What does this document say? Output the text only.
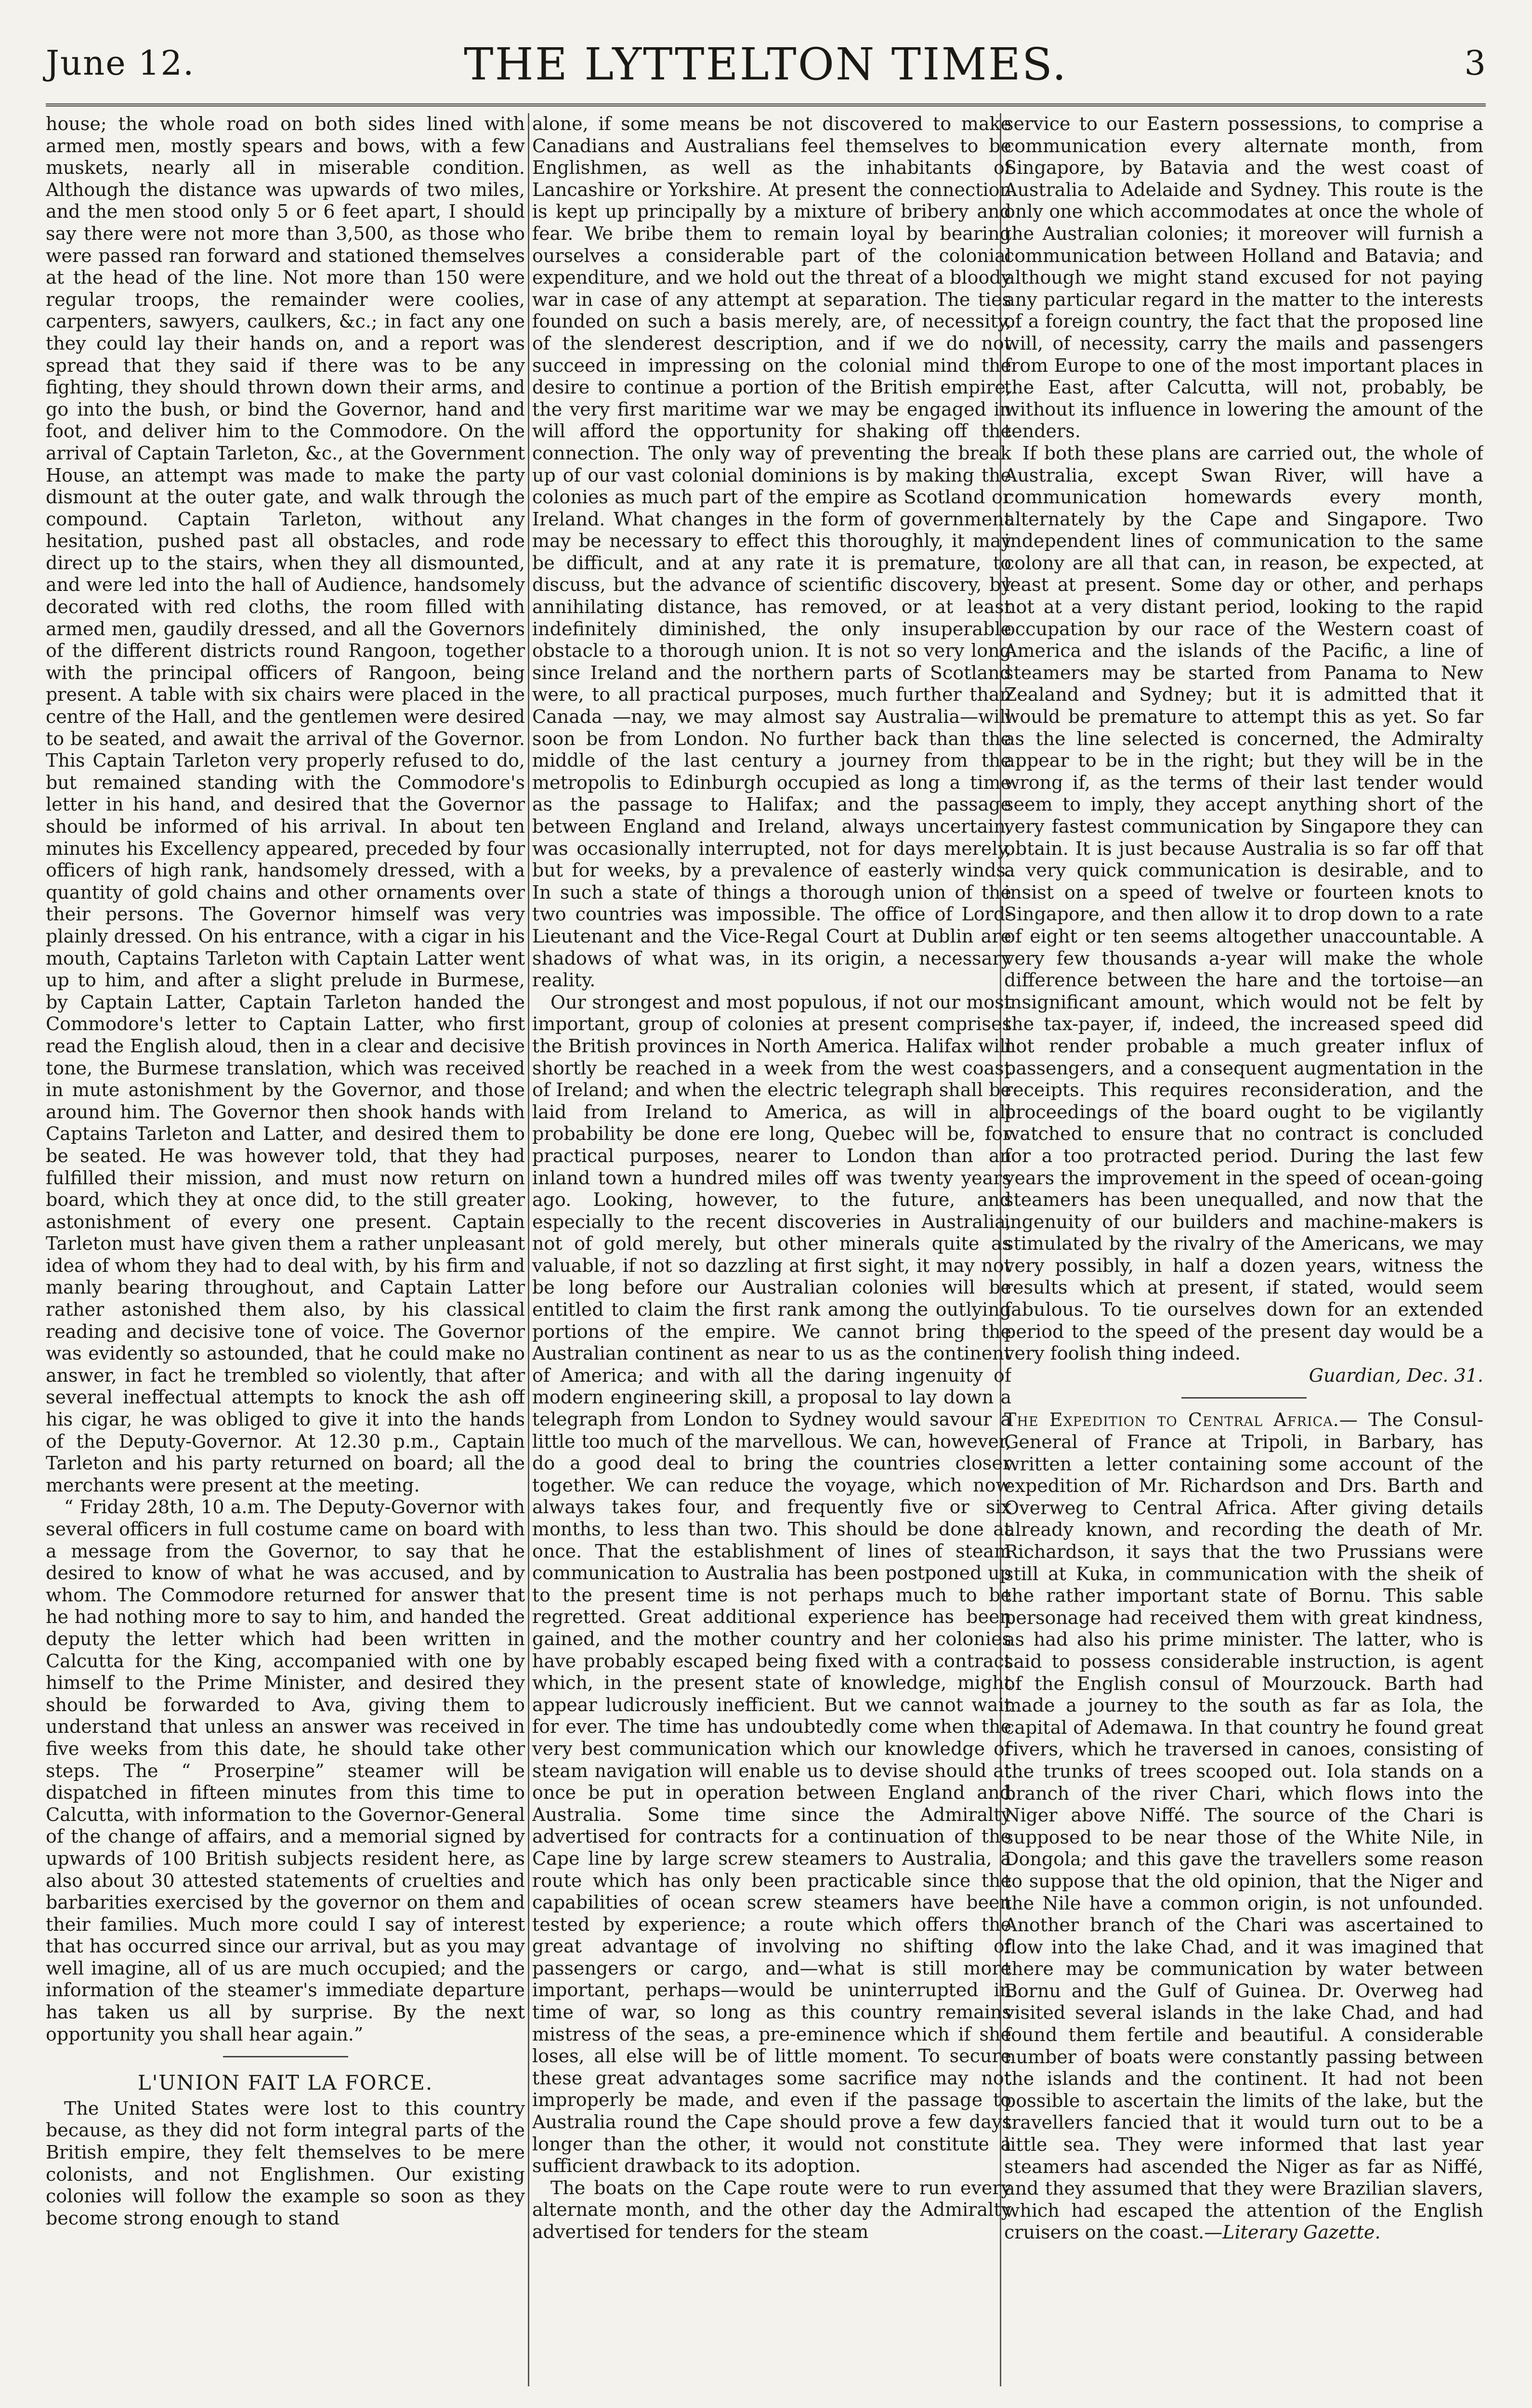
June 12.	THE LYTTELTON TIMES.	3

house; the whole road on both sides lined with armed men, mostly spears and bows, with a few muskets, nearly all in miserable condition. Although the distance was upwards of two miles, and the men stood only 5 or 6 feet apart, I should say there were not more than 3,500, as those who were passed ran forward and stationed themselves at the head of the line. Not more than 150 were regular troops, the remainder were coolies, carpenters, sawyers, caulkers, &c.; in fact any one they could lay their hands on, and a report was spread that they said if there was to be any fighting, they should thrown down their arms, and go into the bush, or bind the Governor, hand and foot, and deliver him to the Commodore. On the arrival of Captain Tarleton, &c., at the Government House, an attempt was made to make the party dismount at the outer gate, and walk through the compound. Captain Tarleton, without any hesitation, pushed past all obstacles, and rode direct up to the stairs, when they all dismounted, and were led into the hall of Audience, handsomely decorated with red cloths, the room filled with armed men, gaudily dressed, and all the Governors of the different districts round Rangoon, together with the principal officers of Rangoon, being present. A table with six chairs were placed in the centre of the Hall, and the gentlemen were desired to be seated, and await the arrival of the Governor. This Captain Tarleton very properly refused to do, but remained standing with the Commodore's letter in his hand, and desired that the Governor should be informed of his arrival. In about ten minutes his Excellency appeared, preceded by four officers of high rank, handsomely dressed, with a quantity of gold chains and other ornaments over their persons. The Governor himself was very plainly dressed. On his entrance, with a cigar in his mouth, Captains Tarleton with Captain Latter went up to him, and after a slight prelude in Burmese, by Captain Latter, Captain Tarleton handed the Commodore's letter to Captain Latter, who first read the English aloud, then in a clear and decisive tone, the Burmese translation, which was received in mute astonishment by the Governor, and those around him. The Governor then shook hands with Captains Tarleton and Latter, and desired them to be seated. He was however told, that they had fulfilled their mission, and must now return on board, which they at once did, to the still greater astonishment of every one present. Captain Tarleton must have given them a rather unpleasant idea of whom they had to deal with, by his firm and manly bearing throughout, and Captain Latter rather astonished them also, by his classical reading and decisive tone of voice. The Governor was evidently so astounded, that he could make no answer, in fact he trembled so violently, that after several ineffectual attempts to knock the ash off his cigar, he was obliged to give it into the hands of the Deputy-Governor. At 12.30 p.m., Captain Tarleton and his party returned on board; all the merchants were present at the meeting.

“ Friday 28th, 10 a.m. The Deputy-Governor with several officers in full costume came on board with a message from the Governor, to say that he desired to know of what he was accused, and by whom. The Commodore returned for answer that he had nothing more to say to him, and handed the deputy the letter which had been written in Calcutta for the King, accompanied with one by himself to the Prime Minister, and desired they should be forwarded to Ava, giving them to understand that unless an answer was received in five weeks from this date, he should take other steps. The “ Proserpine” steamer will be dispatched in fifteen minutes from this time to Calcutta, with information to the Governor-General of the change of affairs, and a memorial signed by upwards of 100 British subjects resident here, as also about 30 attested statements of cruelties and barbarities exercised by the governor on them and their families. Much more could I say of interest that has occurred since our arrival, but as you may well imagine, all of us are much occupied; and the information of the steamer's immediate departure has taken us all by surprise. By the next opportunity you shall hear again.”

L'UNION FAIT LA FORCE.

The United States were lost to this country because, as they did not form integral parts of the British empire, they felt themselves to be mere colonists, and not Englishmen. Our existing colonies will follow the example so soon as they become strong enough to stand

alone, if some means be not discovered to make Canadians and Australians feel themselves to be Englishmen, as well as the inhabitants of Lancashire or Yorkshire. At present the connection is kept up principally by a mixture of bribery and fear. We bribe them to remain loyal by bearing ourselves a considerable part of the colonial expenditure, and we hold out the threat of a bloody war in case of any attempt at separation. The ties founded on such a basis merely, are, of necessity, of the slenderest description, and if we do not succeed in impressing on the colonial mind the desire to continue a portion of the British empire, the very first maritime war we may be engaged in will afford the opportunity for shaking off the connection. The only way of preventing the break up of our vast colonial dominions is by making the colonies as much part of the empire as Scotland or Ireland. What changes in the form of government may be necessary to effect this thoroughly, it may be difficult, and at any rate it is premature, to discuss, but the advance of scientific discovery, by annihilating distance, has removed, or at least indefinitely diminished, the only insuperable obstacle to a thorough union. It is not so very long since Ireland and the northern parts of Scotland were, to all practical purposes, much further than Canada —nay, we may almost say Australia—will soon be from London. No further back than the middle of the last century a journey from the metropolis to Edinburgh occupied as long a time as the passage to Halifax; and the passage between England and Ireland, always uncertain, was occasionally interrupted, not for days merely, but for weeks, by a prevalence of easterly winds. In such a state of things a thorough union of the two countries was impossible. The office of Lord-Lieutenant and the Vice-Regal Court at Dublin are shadows of what was, in its origin, a necessary reality.

Our strongest and most populous, if not our most important, group of colonies at present comprises the British provinces in North America. Halifax will shortly be reached in a week from the west coast of Ireland; and when the electric telegraph shall be laid from Ireland to America, as will in all probability be done ere long, Quebec will be, for practical purposes, nearer to London than an inland town a hundred miles off was twenty years ago. Looking, however, to the future, and especially to the recent discoveries in Australia, not of gold merely, but other minerals quite as valuable, if not so dazzling at first sight, it may not be long before our Australian colonies will be entitled to claim the first rank among the outlying portions of the empire. We cannot bring the Australian continent as near to us as the continent of America; and with all the daring ingenuity of modern engineering skill, a proposal to lay down a telegraph from London to Sydney would savour a little too much of the marvellous. We can, however, do a good deal to bring the countries closer together. We can reduce the voyage, which now always takes four, and frequently five or six months, to less than two. This should be done at once. That the establishment of lines of steam communication to Australia has been postponed up to the present time is not perhaps much to be regretted. Great additional experience has been gained, and the mother country and her colonies have probably escaped being fixed with a contract which, in the present state of knowledge, might appear ludicrously inefficient. But we cannot wait for ever. The time has undoubtedly come when the very best communication which our knowledge of steam navigation will enable us to devise should at once be put in operation between England and Australia. Some time since the Admiralty advertised for contracts for a continuation of the Cape line by large screw steamers to Australia, a route which has only been practicable since the capabilities of ocean screw steamers have been tested by experience; a route which offers the great advantage of involving no shifting of passengers or cargo, and—what is still more important, perhaps—would be uninterrupted in time of war, so long as this country remains mistress of the seas, a pre-eminence which if she loses, all else will be of little moment. To secure these great advantages some sacrifice may not improperly be made, and even if the passage to Australia round the Cape should prove a few days longer than the other, it would not constitute a sufficient drawback to its adoption.

The boats on the Cape route were to run every alternate month, and the other day the Admiralty advertised for tenders for the steam

service to our Eastern possessions, to comprise a communication every alternate month, from Singapore, by Batavia and the west coast of Australia to Adelaide and Sydney. This route is the only one which accommodates at once the whole of the Australian colonies; it moreover will furnish a communication between Holland and Batavia; and although we might stand excused for not paying any particular regard in the matter to the interests of a foreign country, the fact that the proposed line will, of necessity, carry the mails and passengers from Europe to one of the most important places in the East, after Calcutta, will not, probably, be without its influence in lowering the amount of the tenders.

If both these plans are carried out, the whole of Australia, except Swan River, will have a communication homewards every month, alternately by the Cape and Singapore. Two independent lines of communication to the same colony are all that can, in reason, be expected, at least at present. Some day or other, and perhaps not at a very distant period, looking to the rapid occupation by our race of the Western coast of America and the islands of the Pacific, a line of steamers may be started from Panama to New Zealand and Sydney; but it is admitted that it would be premature to attempt this as yet. So far as the line selected is concerned, the Admiralty appear to be in the right; but they will be in the wrong if, as the terms of their last tender would seem to imply, they accept anything short of the very fastest communication by Singapore they can obtain. It is just because Australia is so far off that a very quick communication is desirable, and to insist on a speed of twelve or fourteen knots to Singapore, and then allow it to drop down to a rate of eight or ten seems altogether unaccountable. A very few thousands a-year will make the whole difference between the hare and the tortoise—an insignificant amount, which would not be felt by the tax-payer, if, indeed, the increased speed did not render probable a much greater influx of passengers, and a consequent augmentation in the receipts. This requires reconsideration, and the proceedings of the board ought to be vigilantly watched to ensure that no contract is concluded for a too protracted period. During the last few years the improvement in the speed of ocean-going steamers has been unequalled, and now that the ingenuity of our builders and machine-makers is stimulated by the rivalry of the Americans, we may very possibly, in half a dozen years, witness the results which at present, if stated, would seem fabulous. To tie ourselves down for an extended period to the speed of the present day would be a very foolish thing indeed.

Guardian, Dec. 31.

The Expedition to Central Africa.— The Consul-General of France at Tripoli, in Barbary, has written a letter containing some account of the expedition of Mr. Richardson and Drs. Barth and Overweg to Central Africa. After giving details already known, and recording the death of Mr. Richardson, it says that the two Prussians were still at Kuka, in communication with the sheik of the rather important state of Bornu. This sable personage had received them with great kindness, as had also his prime minister. The latter, who is said to possess considerable instruction, is agent of the English consul of Mourzouck. Barth had made a journey to the south as far as Iola, the capital of Ademawa. In that country he found great rivers, which he traversed in canoes, consisting of the trunks of trees scooped out. Iola stands on a branch of the river Chari, which flows into the Niger above Niffé. The source of the Chari is supposed to be near those of the White Nile, in Dongola; and this gave the travellers some reason to suppose that the old opinion, that the Niger and the Nile have a common origin, is not unfounded. Another branch of the Chari was ascertained to flow into the lake Chad, and it was imagined that there may be communication by water between Bornu and the Gulf of Guinea. Dr. Overweg had visited several islands in the lake Chad, and had found them fertile and beautiful. A considerable number of boats were constantly passing between the islands and the continent. It had not been possible to ascertain the limits of the lake, but the travellers fancied that it would turn out to be a little sea. They were informed that last year steamers had ascended the Niger as far as Niffé, and they assumed that they were Brazilian slavers, which had escaped the attention of the English cruisers on the coast.—Literary Gazette.
